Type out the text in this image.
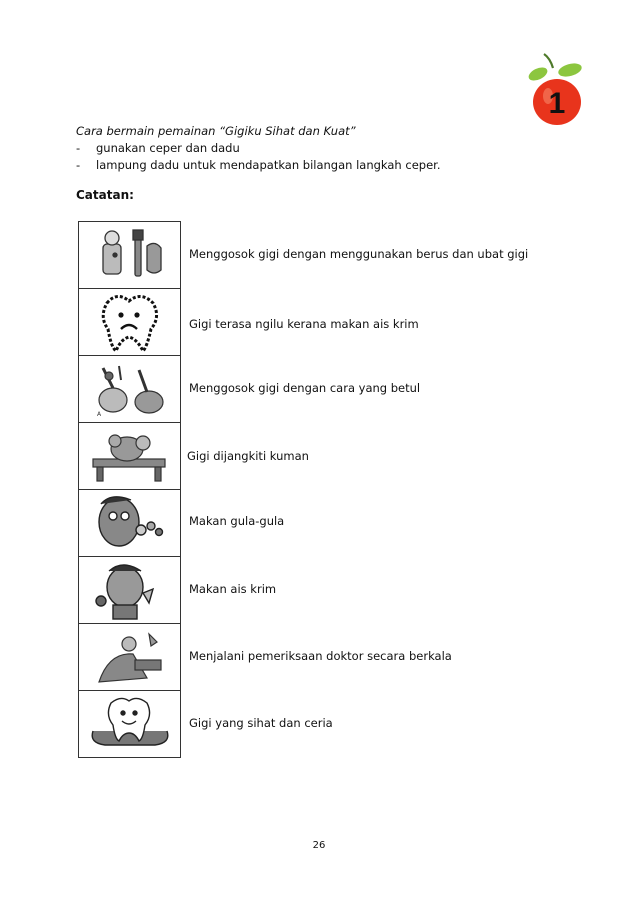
1
Cara bermain pemainan “Gigiku Sihat dan Kuat”
-	gunakan ceper dan dadu
-	lampung dadu untuk mendapatkan bilangan langkah ceper.
Catatan:
A
Menggosok gigi dengan menggunakan berus dan ubat gigi
Gigi terasa ngilu kerana makan ais krim
Menggosok gigi dengan cara yang betul
Gigi dijangkiti kuman
Makan gula-gula
Makan ais krim
Menjalani pemeriksaan doktor secara berkala
Gigi yang sihat dan ceria
26
